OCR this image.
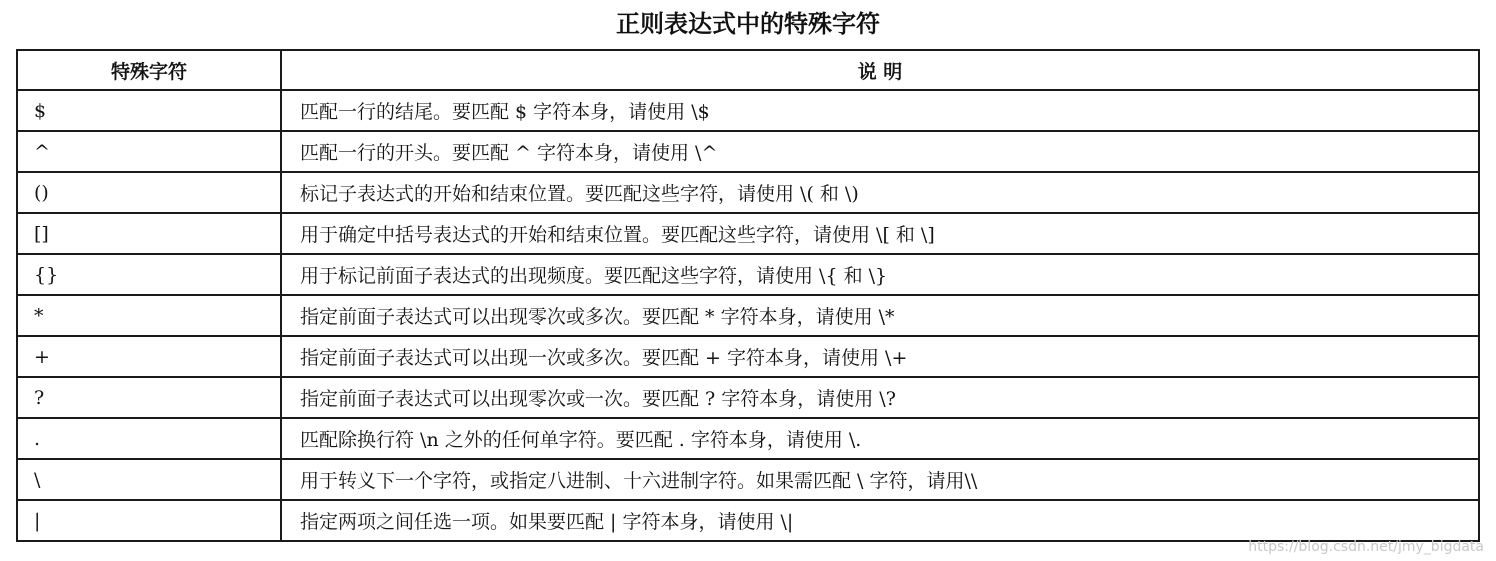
正则表达式中的特殊字符
特殊字符	说 明
$	匹配一行的结尾。要匹配 $ 字符本身，请使用 \$
^	匹配一行的开头。要匹配 ^ 字符本身，请使用 \^
()	标记子表达式的开始和结束位置。要匹配这些字符，请使用 \( 和 \)
[]	用于确定中括号表达式的开始和结束位置。要匹配这些字符，请使用 \[ 和 \]
{}	用于标记前面子表达式的出现频度。要匹配这些字符，请使用 \{ 和 \}
*	指定前面子表达式可以出现零次或多次。要匹配 * 字符本身，请使用 \*
+	指定前面子表达式可以出现一次或多次。要匹配 + 字符本身，请使用 \+
?	指定前面子表达式可以出现零次或一次。要匹配 ? 字符本身，请使用 \?
.	匹配除换行符 \n 之外的任何单字符。要匹配 . 字符本身，请使用 \.
\	用于转义下一个字符，或指定八进制、十六进制字符。如果需匹配 \ 字符，请用\\
|	指定两项之间任选一项。如果要匹配 | 字符本身，请使用 \|
https://blog.csdn.net/jmy_bigdata
